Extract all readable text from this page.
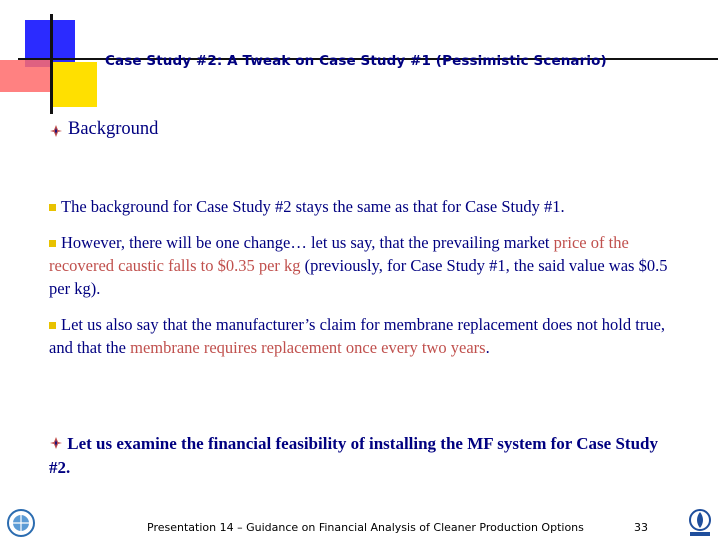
Case Study #2: A Tweak on Case Study #1 (Pessimistic Scenario)
Background
The background for Case Study #2 stays the same as that for Case Study #1.
However, there will be one change… let us say, that the prevailing market price of the recovered caustic falls to $0.35 per kg (previously, for Case Study #1, the said value was $0.5 per kg).
Let us also say that the manufacturer’s claim for membrane replacement does not hold true, and that the membrane requires replacement once every two years.
Let us examine the financial feasibility of installing the MF system for Case Study #2.
Presentation 14 – Guidance on Financial Analysis of Cleaner Production Options	33
